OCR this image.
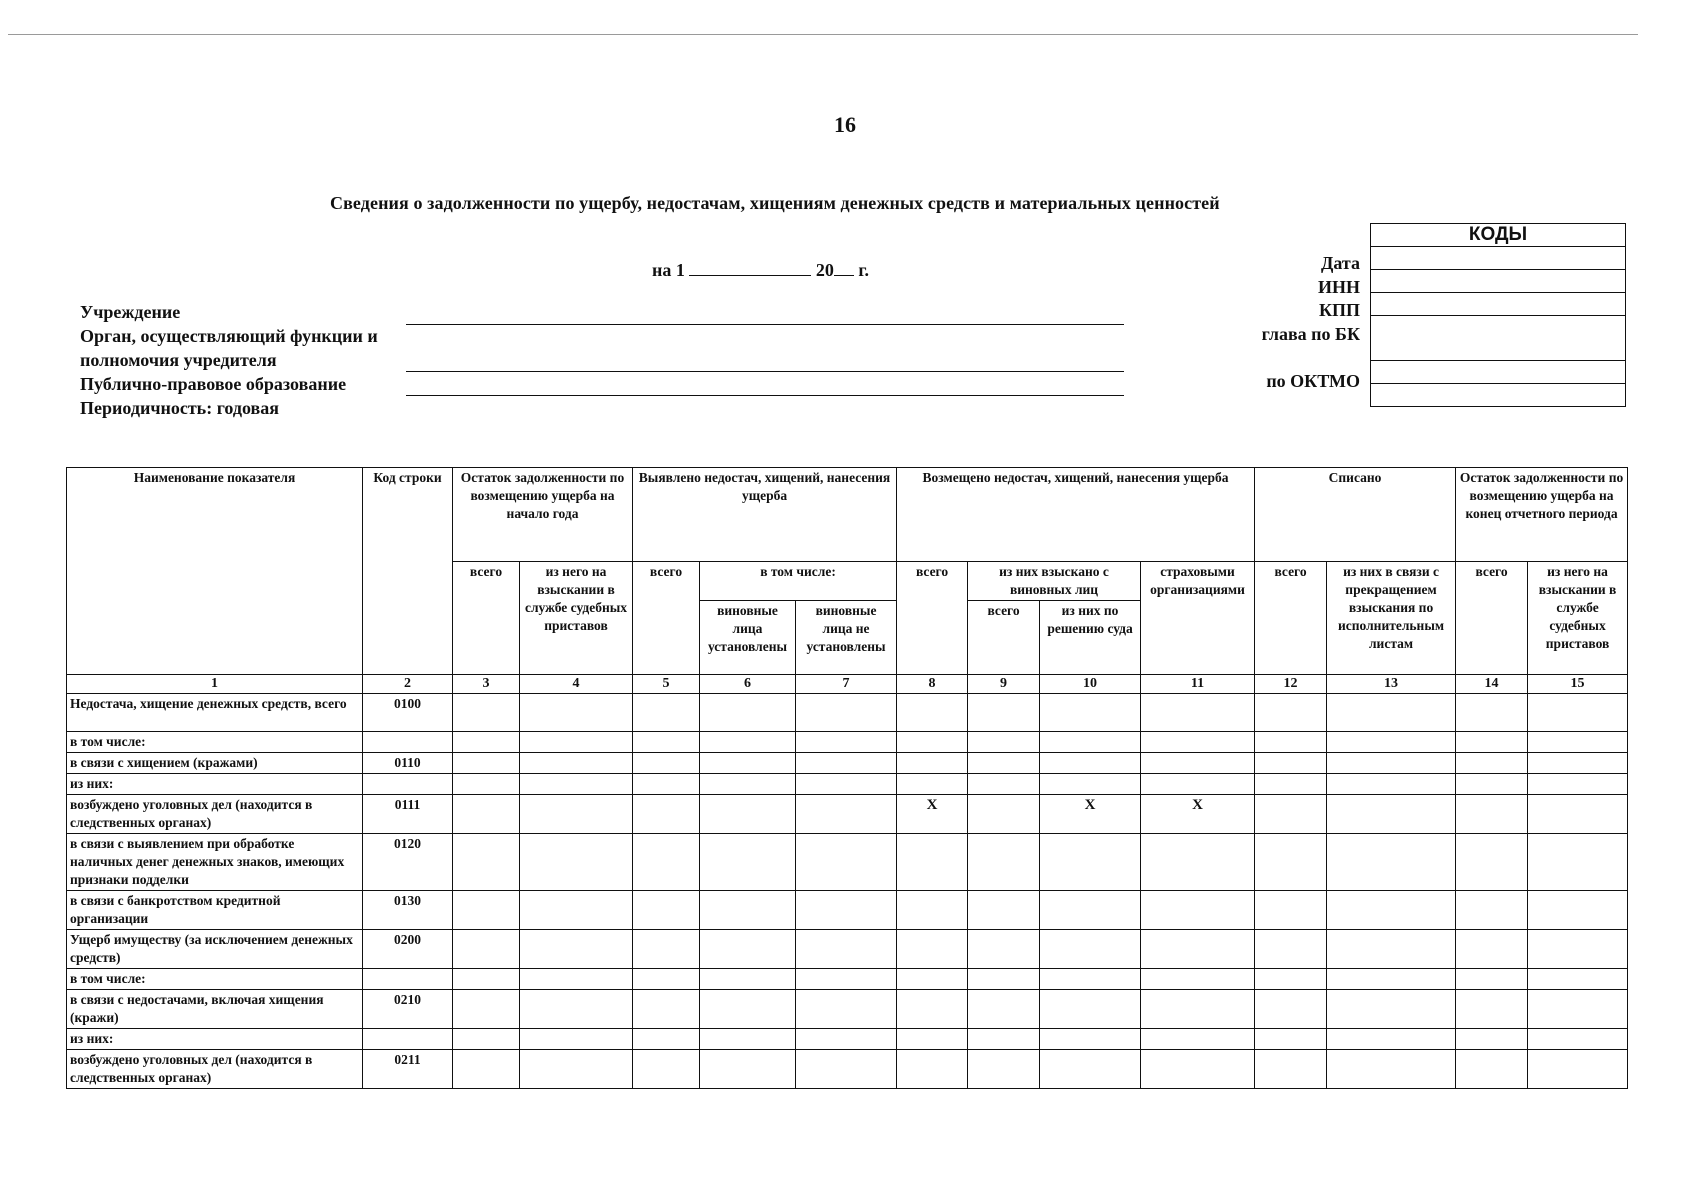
16
Сведения о задолженности по ущербу, недостачам, хищениям денежных средств и материальных ценностей
на 1	20 г.
Учреждение
Орган, осуществляющий функции и
полномочия учредителя
Публично-правовое образование
Периодичность: годовая
Дата
ИНН
КПП
глава по БК
по ОКТМО
КОДЫ

Наименование показателя	Код строки	Остаток задолженности по возмещению ущерба на начало года		Выявлено недостач, хищений, нанесения ущерба			Возмещено недостач, хищений, нанесения ущерба				Списано		Остаток задолженности по возмещению ущерба на конец отчетного периода	
		всего	из него на взыскании в службе судебных приставов	всего	в том числе:		всего	из них взыскано с виновных лиц		страховыми организациями	всего	из них в связи с прекращением взыскания по исполнительным листам	всего	из него на взыскании в службе судебных приставов
					виновные лица установлены	виновные лица не установлены		всего	из них по решению суда					
1	2	3	4	5	6	7	8	9	10	11	12	13	14	15
Недостача, хищение денежных средств, всего	0100													
в том числе:														
в связи с хищением (кражами)	0110													
из них:														
возбуждено уголовных дел (находится в следственных органах)	0111						X		X	X				
в связи с выявлением при обработке наличных денег денежных знаков, имеющих признаки подделки	0120													
в связи с банкротством кредитной организации	0130													
Ущерб имуществу (за исключением денежных средств)	0200													
в том числе:														
в связи с недостачами, включая хищения (кражи)	0210													
из них:														
возбуждено уголовных дел (находится в следственных органах)	0211													
